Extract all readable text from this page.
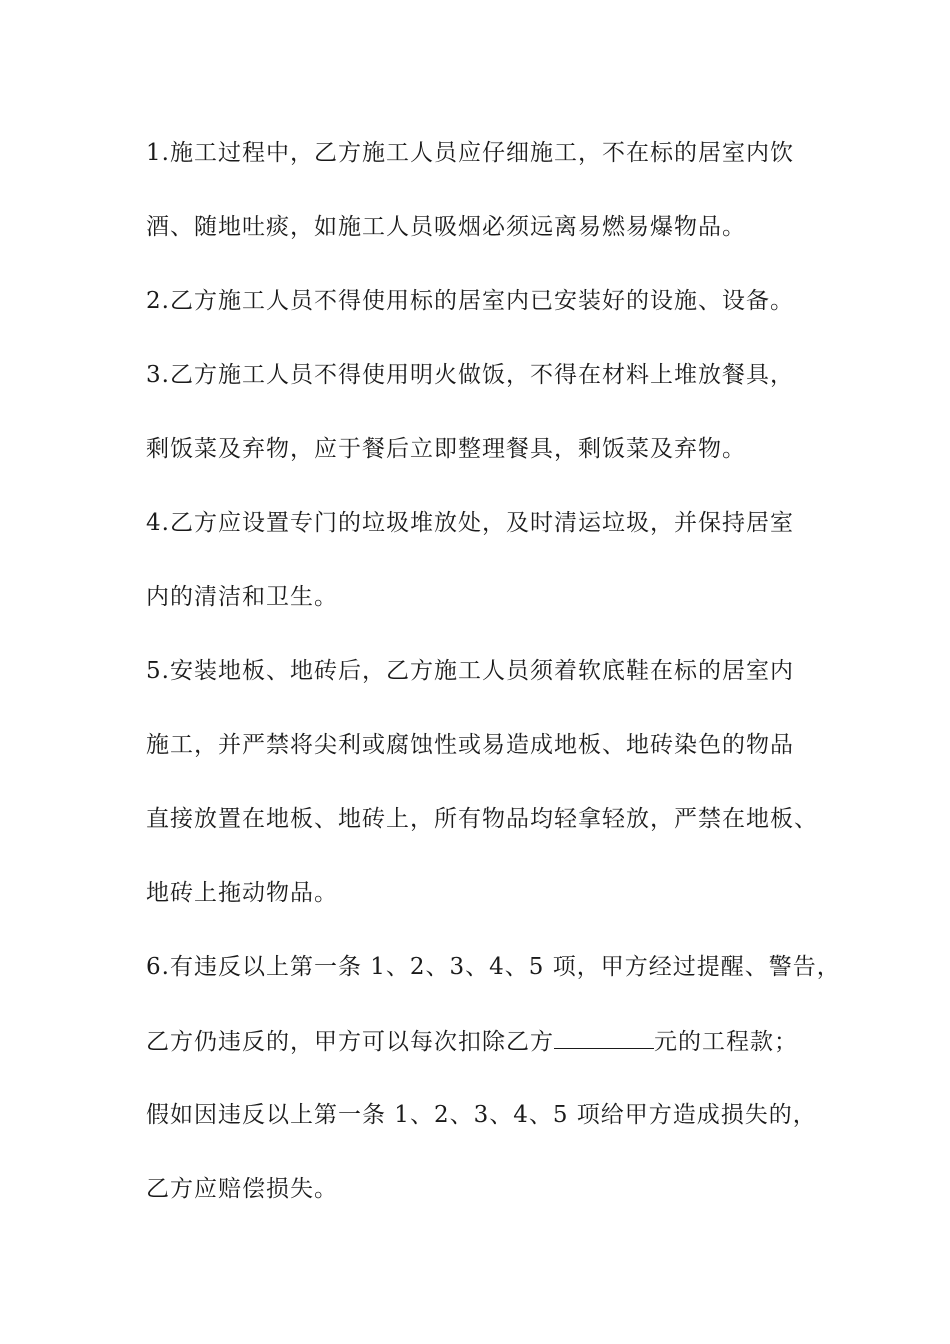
1.施工过程中，乙方施工人员应仔细施工，不在标的居室内饮
酒、随地吐痰，如施工人员吸烟必须远离易燃易爆物品。
2.乙方施工人员不得使用标的居室内已安装好的设施、设备。
3.乙方施工人员不得使用明火做饭，不得在材料上堆放餐具，
剩饭菜及弃物，应于餐后立即整理餐具，剩饭菜及弃物。
4.乙方应设置专门的垃圾堆放处，及时清运垃圾，并保持居室
内的清洁和卫生。
5.安装地板、地砖后，乙方施工人员须着软底鞋在标的居室内
施工，并严禁将尖利或腐蚀性或易造成地板、地砖染色的物品
直接放置在地板、地砖上，所有物品均轻拿轻放，严禁在地板、
地砖上拖动物品。
6.有违反以上第一条 1、2、3、4、5 项，甲方经过提醒、警告，
乙方仍违反的，甲方可以每次扣除乙方	元的工程款；
假如因违反以上第一条 1、2、3、4、5 项给甲方造成损失的，
乙方应赔偿损失。
